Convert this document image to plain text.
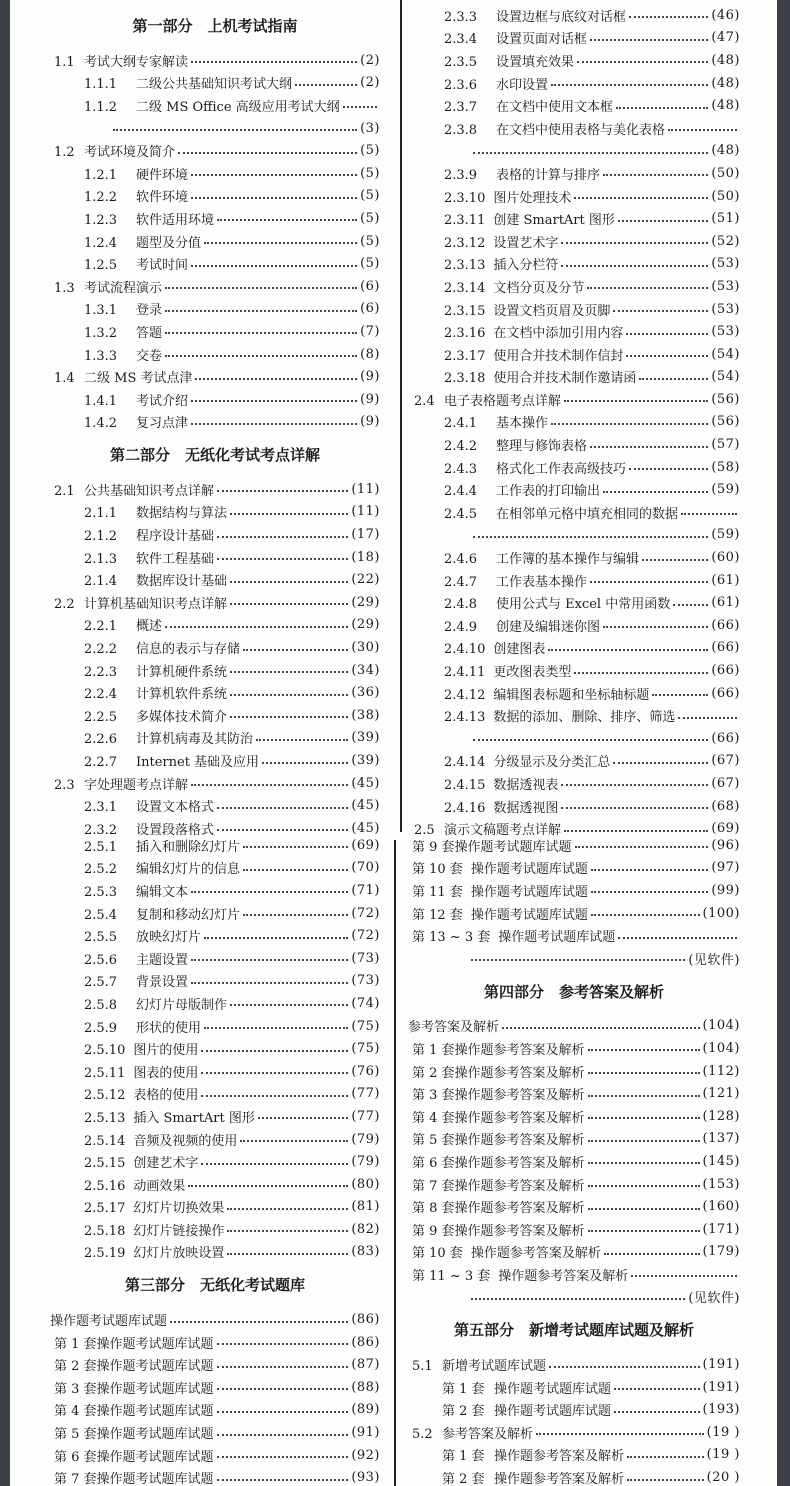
第一部分　上机考试指南
1.1 考试大纲专家解读	(2)
1.1.1 二级公共基础知识考试大纲	(2)
1.1.2 二级 MS Office 高级应用考试大纲
(3)
1.2 考试环境及简介	(5)
1.2.1 硬件环境	(5)
1.2.2 软件环境	(5)
1.2.3 软件适用环境	(5)
1.2.4 题型及分值	(5)
1.2.5 考试时间	(5)
1.3 考试流程演示	(6)
1.3.1 登录	(6)
1.3.2 答题	(7)
1.3.3 交卷	(8)
1.4 二级 MS 考试点津	(9)
1.4.1 考试介绍	(9)
1.4.2 复习点津	(9)
第二部分　无纸化考试考点详解
2.1 公共基础知识考点详解	(11)
2.1.1 数据结构与算法	(11)
2.1.2 程序设计基础	(17)
2.1.3 软件工程基础	(18)
2.1.4 数据库设计基础	(22)
2.2 计算机基础知识考点详解	(29)
2.2.1 概述	(29)
2.2.2 信息的表示与存储	(30)
2.2.3 计算机硬件系统	(34)
2.2.4 计算机软件系统	(36)
2.2.5 多媒体技术简介	(38)
2.2.6 计算机病毒及其防治	(39)
2.2.7 Internet 基础及应用	(39)
2.3 字处理题考点详解	(45)
2.3.1 设置文本格式	(45)
2.3.2 设置段落格式	(45)
2.3.3 设置边框与底纹对话框	(46)
2.3.4 设置页面对话框	(47)
2.3.5 设置填充效果	(48)
2.3.6 水印设置	(48)
2.3.7 在文档中使用文本框	(48)
2.3.8 在文档中使用表格与美化表格
(48)
2.3.9 表格的计算与排序	(50)
2.3.10 图片处理技术	(50)
2.3.11 创建 SmartArt 图形	(51)
2.3.12 设置艺术字	(52)
2.3.13 插入分栏符	(53)
2.3.14 文档分页及分节	(53)
2.3.15 设置文档页眉及页脚	(53)
2.3.16 在文档中添加引用内容	(53)
2.3.17 使用合并技术制作信封	(54)
2.3.18 使用合并技术制作邀请函	(54)
2.4 电子表格题考点详解	(56)
2.4.1 基本操作	(56)
2.4.2 整理与修饰表格	(57)
2.4.3 格式化工作表高级技巧	(58)
2.4.4 工作表的打印输出	(59)
2.4.5 在相邻单元格中填充相同的数据
(59)
2.4.6 工作簿的基本操作与编辑	(60)
2.4.7 工作表基本操作	(61)
2.4.8 使用公式与 Excel 中常用函数	(61)
2.4.9 创建及编辑迷你图	(66)
2.4.10 创建图表	(66)
2.4.11 更改图表类型	(66)
2.4.12 编辑图表标题和坐标轴标题	(66)
2.4.13 数据的添加、删除、排序、筛选
(66)
2.4.14 分级显示及分类汇总	(67)
2.4.15 数据透视表	(67)
2.4.16 数据透视图	(68)
2.5 演示文稿题考点详解	(69)
2.5.1 插入和删除幻灯片	(69)
2.5.2 编辑幻灯片的信息	(70)
2.5.3 编辑文本	(71)
2.5.4 复制和移动幻灯片	(72)
2.5.5 放映幻灯片	(72)
2.5.6 主题设置	(73)
2.5.7 背景设置	(73)
2.5.8 幻灯片母版制作	(74)
2.5.9 形状的使用	(75)
2.5.10 图片的使用	(75)
2.5.11 图表的使用	(76)
2.5.12 表格的使用	(77)
2.5.13 插入 SmartArt 图形	(77)
2.5.14 音频及视频的使用	(79)
2.5.15 创建艺术字	(79)
2.5.16 动画效果	(80)
2.5.17 幻灯片切换效果	(81)
2.5.18 幻灯片链接操作	(82)
2.5.19 幻灯片放映设置	(83)
第三部分　无纸化考试题库
操作题考试题库试题	(86)
第 1 套操作题考试题库试题	(86)
第 2 套操作题考试题库试题	(87)
第 3 套操作题考试题库试题	(88)
第 4 套操作题考试题库试题	(89)
第 5 套操作题考试题库试题	(91)
第 6 套操作题考试题库试题	(92)
第 7 套操作题考试题库试题	(93)
第 9 套操作题考试题库试题	(96)
第 10 套 操作题考试题库试题	(97)
第 11 套 操作题考试题库试题	(99)
第 12 套 操作题考试题库试题	(100)
第 13 ~ 3 套 操作题考试题库试题
(见软件)
第四部分　参考答案及解析
参考答案及解析	(104)
第 1 套操作题参考答案及解析	(104)
第 2 套操作题参考答案及解析	(112)
第 3 套操作题参考答案及解析	(121)
第 4 套操作题参考答案及解析	(128)
第 5 套操作题参考答案及解析	(137)
第 6 套操作题参考答案及解析	(145)
第 7 套操作题参考答案及解析	(153)
第 8 套操作题参考答案及解析	(160)
第 9 套操作题参考答案及解析	(171)
第 10 套 操作题参考答案及解析	(179)
第 11 ~ 3 套 操作题参考答案及解析
(见软件)
第五部分　新增考试题库试题及解析
5.1 新增考试题库试题	(191)
第 1 套 操作题考试题库试题	(191)
第 2 套 操作题考试题库试题	(193)
5.2 参考答案及解析	(19 )
第 1 套 操作题参考答案及解析	(19 )
第 2 套 操作题参考答案及解析	(20 )
